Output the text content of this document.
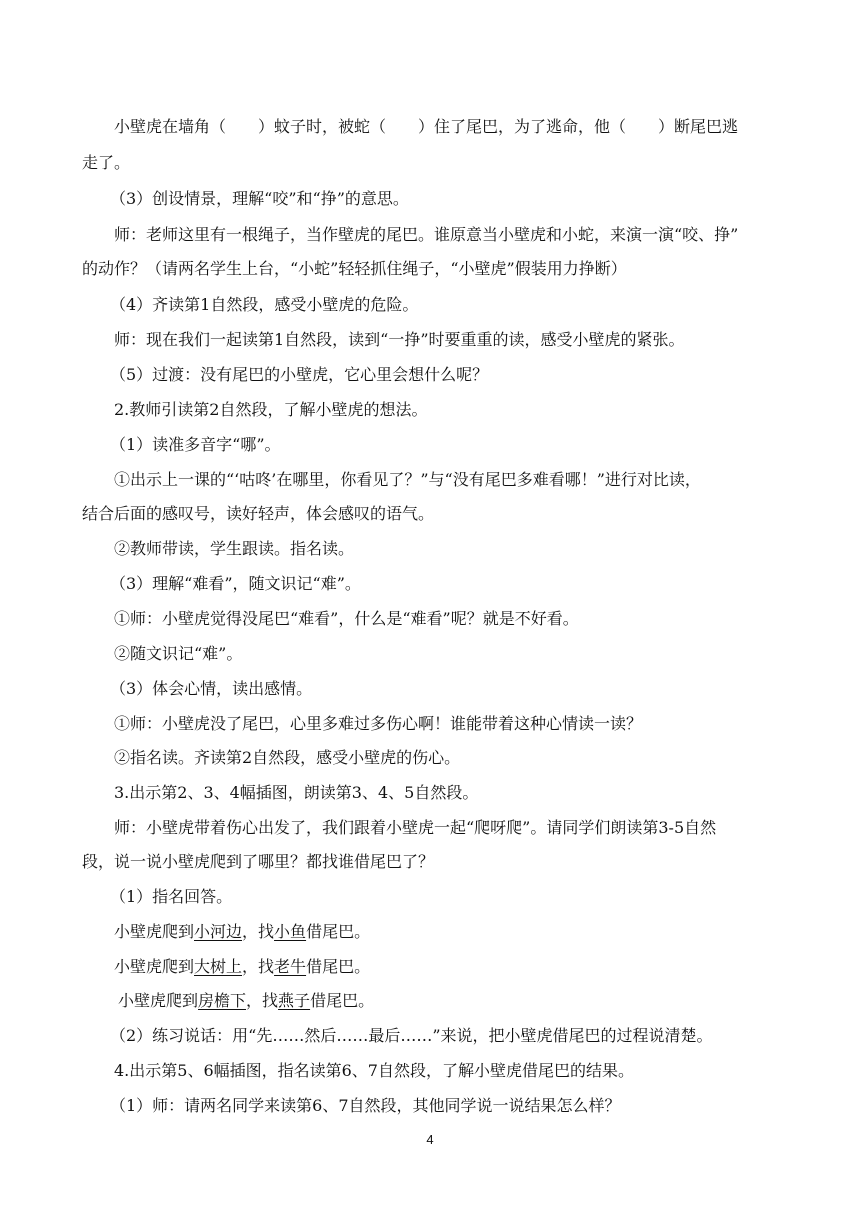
小壁虎在墙角（　　）蚊子时，被蛇（　　）住了尾巴，为了逃命，他（　　）断尾巴逃
走了。
（3）创设情景，理解“咬”和“挣”的意思。
师：老师这里有一根绳子，当作壁虎的尾巴。谁原意当小壁虎和小蛇，来演一演“咬、挣”
的动作？（请两名学生上台，“小蛇”轻轻抓住绳子，“小壁虎”假装用力挣断）
（4）齐读第1自然段，感受小壁虎的危险。
师：现在我们一起读第1自然段，读到“一挣”时要重重的读，感受小壁虎的紧张。
（5）过渡：没有尾巴的小壁虎，它心里会想什么呢？
2.教师引读第2自然段，了解小壁虎的想法。
（1）读准多音字“哪”。
①出示上一课的“‘咕咚’在哪里，你看见了？”与“没有尾巴多难看哪！”进行对比读，
结合后面的感叹号，读好轻声，体会感叹的语气。
②教师带读，学生跟读。指名读。
（3）理解“难看”，随文识记“难”。
①师：小壁虎觉得没尾巴“难看”，什么是“难看”呢？就是不好看。
②随文识记“难”。
（3）体会心情，读出感情。
①师：小壁虎没了尾巴，心里多难过多伤心啊！谁能带着这种心情读一读？
②指名读。齐读第2自然段，感受小壁虎的伤心。
3.出示第2、3、4幅插图，朗读第3、4、5自然段。
师：小壁虎带着伤心出发了，我们跟着小壁虎一起“爬呀爬”。请同学们朗读第3-5自然
段，说一说小壁虎爬到了哪里？都找谁借尾巴了？
（1）指名回答。
小壁虎爬到小河边，找小鱼借尾巴。
小壁虎爬到大树上，找老牛借尾巴。
小壁虎爬到房檐下，找燕子借尾巴。
（2）练习说话：用“先……然后……最后……”来说，把小壁虎借尾巴的过程说清楚。
4.出示第5、6幅插图，指名读第6、7自然段，了解小壁虎借尾巴的结果。
（1）师：请两名同学来读第6、7自然段，其他同学说一说结果怎么样？
4
